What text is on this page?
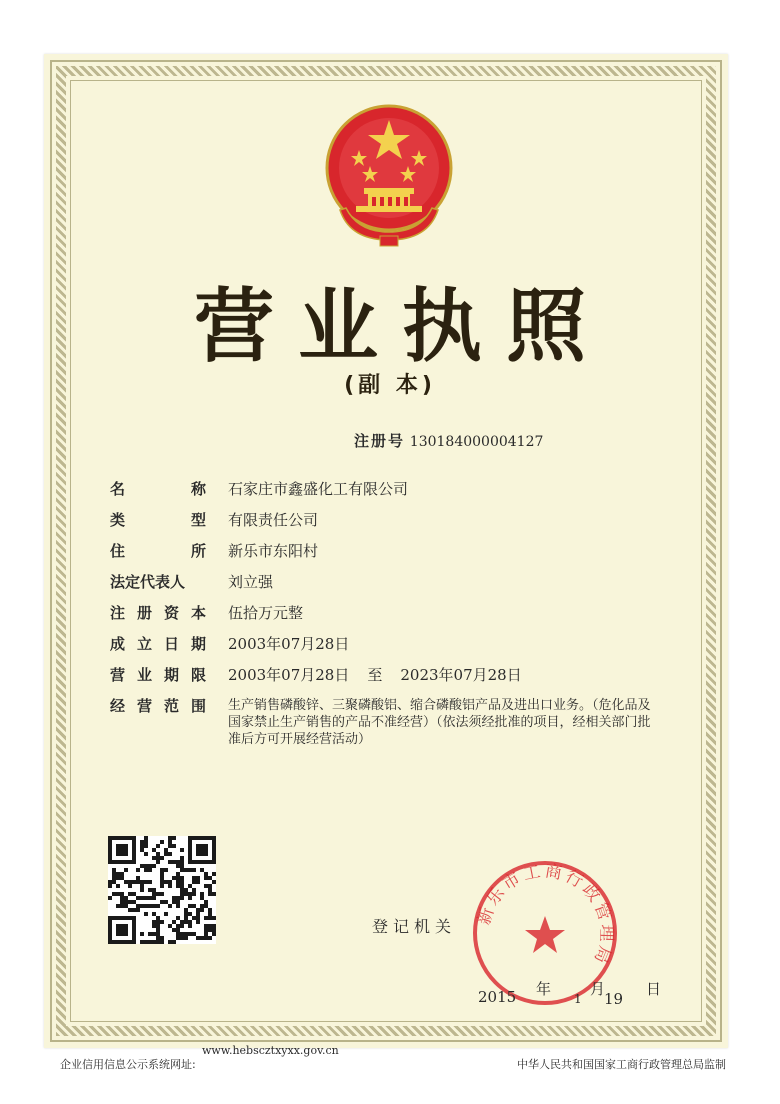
营业执照
(副 本)
注册号 130184000004127
名	称 石家庄市鑫盛化工有限公司
类	型 有限责任公司
住	所 新乐市东阳村
法定代表人	刘立强
注 册 资 本 伍拾万元整
成 立 日 期 2003年07月28日
营 业 期 限 2003年07月28日 至 2023年07月28日
经 营 范 围 生产销售磷酸锌、三聚磷酸铝、缩合磷酸铝产品及进出口业务。（危化品及国家禁止生产销售的产品不准经营）（依法须经批准的项目，经相关部门批准后方可开展经营活动）
登记机关 新乐市工商行政管理局
2015 年
1
月
19
日
企业信用信息公示系统网址:
www.hebscztxyxx.gov.cn
中华人民共和国国家工商行政管理总局监制
